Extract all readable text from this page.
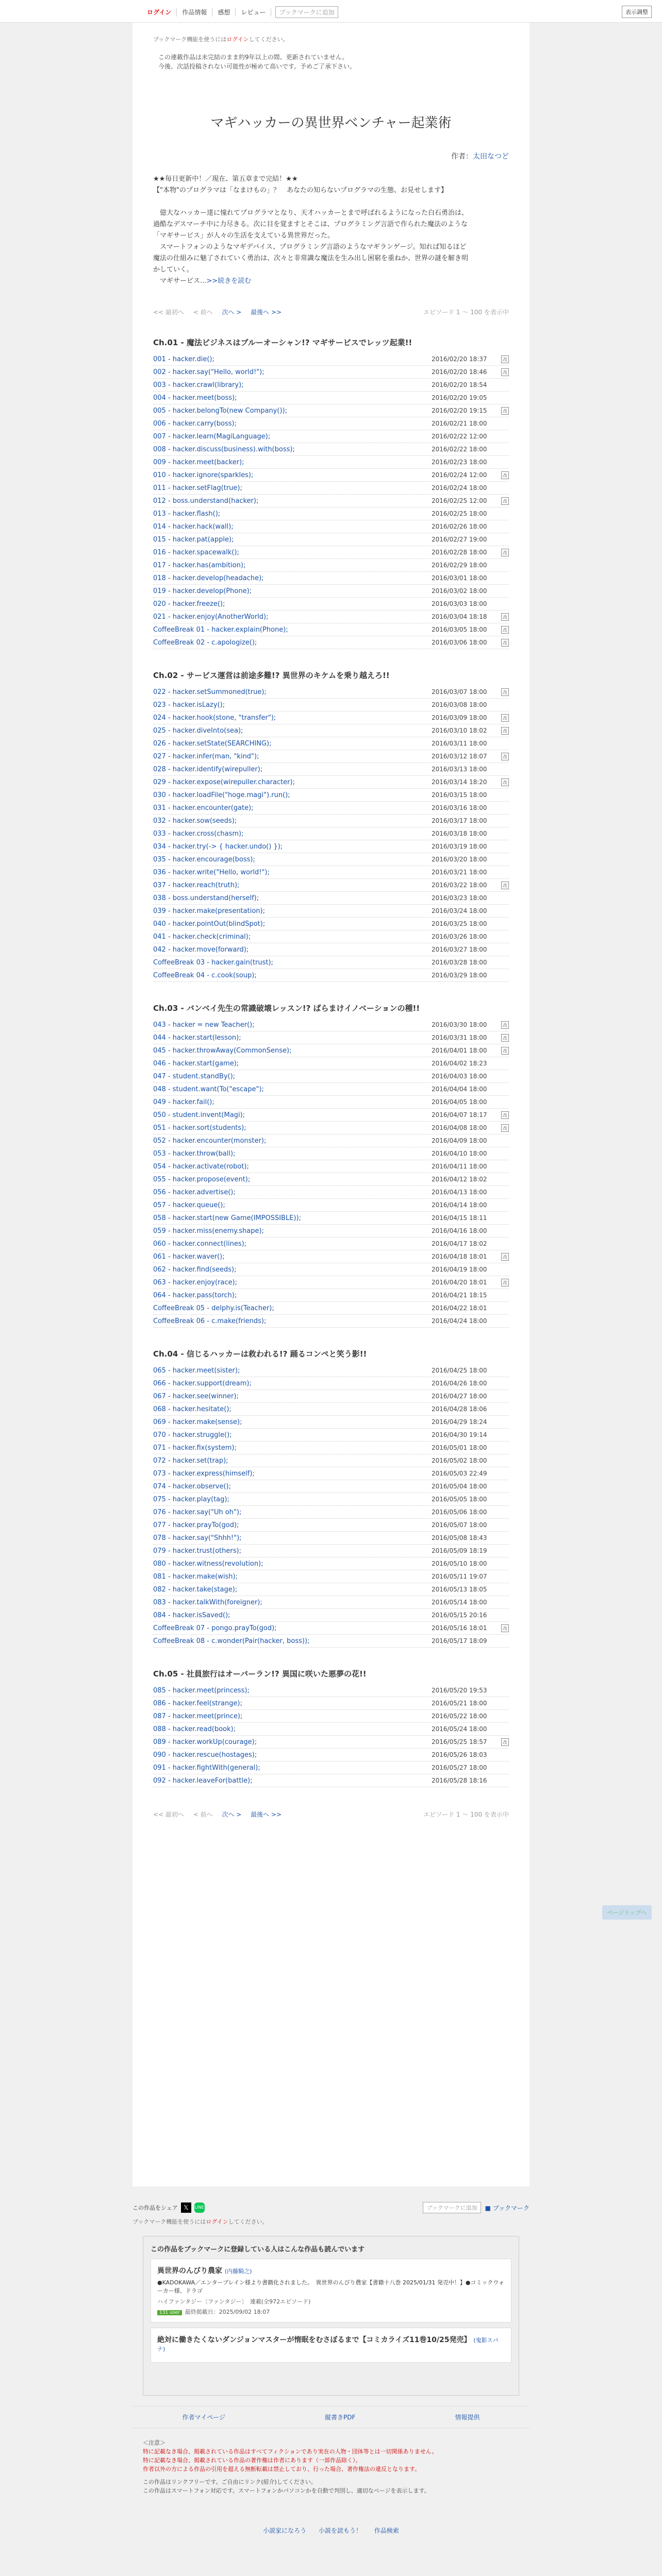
ログイン	作品情報	感想	レビュー	ブックマークに追加	表示調整
ブックマーク機能を使うにはログインしてください。
この連載作品は未完結のまま約9年以上の間、更新されていません。
今後、次話投稿されない可能性が極めて高いです。予めご了承下さい。
マギハッカーの異世界ベンチャー起業術
作者：太田なつど

★★毎日更新中！／現在、第五章まで完結！★★
【"本物"のプログラマは「なまけもの」？　あなたの知らないプログラマの生態、お見せします】

　億大なハッカー達に憧れてプログラマとなり、天才ハッカーとまで呼ばれるようになった白石勇治は、
過酷なデスマーチ中に力尽きる。次に目を覚ますとそこは、プログラミング言語で作られた魔法のような
「マギサービス」が人々の生活を支えている異世界だった。
　スマートフォンのようなマギデバイス、プログラミング言語のようなマギランゲージ。知れば知るほど
魔法の仕組みに魅了されていく勇治は、次々と非常識な魔法を生み出し困窮を重ねか、世界の謎を解き明
かしていく。
　マギサービス...>>続きを読む

<< 最初へ < 前へ 次へ > 最後へ >>	エピソード 1 〜 100 を表示中
Ch.01 - 魔法ビジネスはブルーオーシャン!? マギサービスでレッツ起業!!
001 - hacker.die();	2016/02/20 18:37	改
002 - hacker.say("Hello, world!");	2016/02/20 18:46	改
003 - hacker.crawl(library);	2016/02/20 18:54
004 - hacker.meet(boss);	2016/02/20 19:05
005 - hacker.belongTo(new Company());	2016/02/20 19:15	改
006 - hacker.carry(boss);	2016/02/21 18:00
007 - hacker.learn(MagiLanguage);	2016/02/22 12:00
008 - hacker.discuss(business).with(boss);	2016/02/22 18:00
009 - hacker.meet(backer);	2016/02/23 18:00
010 - hacker.ignore(sparkles);	2016/02/24 12:00	改
011 - hacker.setFlag(true);	2016/02/24 18:00
012 - boss.understand(hacker);	2016/02/25 12:00	改
013 - hacker.flash();	2016/02/25 18:00
014 - hacker.hack(wall);	2016/02/26 18:00
015 - hacker.pat(apple);	2016/02/27 19:00
016 - hacker.spacewalk();	2016/02/28 18:00	改
017 - hacker.has(ambition);	2016/02/29 18:00
018 - hacker.develop(headache);	2016/03/01 18:00
019 - hacker.develop(Phone);	2016/03/02 18:00
020 - hacker.freeze();	2016/03/03 18:00
021 - hacker.enjoy(AnotherWorld);	2016/03/04 18:18	改
CoffeeBreak 01 - hacker.explain(Phone);	2016/03/05 18:00	改
CoffeeBreak 02 - c.apologize();	2016/03/06 18:00	改
Ch.02 - サービス運営は前途多難!? 異世界のキケムを乗り越えろ!!
022 - hacker.setSummoned(true);	2016/03/07 18:00	改
023 - hacker.isLazy();	2016/03/08 18:00
024 - hacker.hook(stone, "transfer");	2016/03/09 18:00	改
025 - hacker.diveInto(sea);	2016/03/10 18:02	改
026 - hacker.setState(SEARCHING);	2016/03/11 18:00
027 - hacker.infer(man, "kind");	2016/03/12 18:07	改
028 - hacker.identify(wirepuller);	2016/03/13 18:00
029 - hacker.expose(wirepuller.character);	2016/03/14 18:20	改
030 - hacker.loadFile("hoge.magi").run();	2016/03/15 18:00
031 - hacker.encounter(gate);	2016/03/16 18:00
032 - hacker.sow(seeds);	2016/03/17 18:00
033 - hacker.cross(chasm);	2016/03/18 18:00
034 - hacker.try(-> { hacker.undo() });	2016/03/19 18:00
035 - hacker.encourage(boss);	2016/03/20 18:00
036 - hacker.write("Hello, world!");	2016/03/21 18:00
037 - hacker.reach(truth);	2016/03/22 18:00	改
038 - boss.understand(herself);	2016/03/23 18:00
039 - hacker.make(presentation);	2016/03/24 18:00
040 - hacker.pointOut(blindSpot);	2016/03/25 18:00
041 - hacker.check(criminal);	2016/03/26 18:00
042 - hacker.move(forward);	2016/03/27 18:00
CoffeeBreak 03 - hacker.gain(trust);	2016/03/28 18:00
CoffeeBreak 04 - c.cook(soup);	2016/03/29 18:00
Ch.03 - バンベイ先生の常識破壊レッスン!? ばらまけイノベーションの種!!
043 - hacker = new Teacher();	2016/03/30 18:00	改
044 - hacker.start(lesson);	2016/03/31 18:00	改
045 - hacker.throwAway(CommonSense);	2016/04/01 18:00	改
046 - hacker.start(game);	2016/04/02 18:23
047 - student.standBy();	2016/04/03 18:00
048 - student.want(To("escape");	2016/04/04 18:00
049 - hacker.fail();	2016/04/05 18:00
050 - student.invent(Magi);	2016/04/07 18:17	改
051 - hacker.sort(students);	2016/04/08 18:00	改
052 - hacker.encounter(monster);	2016/04/09 18:00
053 - hacker.throw(ball);	2016/04/10 18:00
054 - hacker.activate(robot);	2016/04/11 18:00
055 - hacker.propose(event);	2016/04/12 18:02
056 - hacker.advertise();	2016/04/13 18:00
057 - hacker.queue();	2016/04/14 18:00
058 - hacker.start(new Game(IMPOSSIBLE));	2016/04/15 18:11
059 - hacker.miss(enemy.shape);	2016/04/16 18:00
060 - hacker.connect(lines);	2016/04/17 18:02
061 - hacker.waver();	2016/04/18 18:01	改
062 - hacker.find(seeds);	2016/04/19 18:00
063 - hacker.enjoy(race);	2016/04/20 18:01	改
064 - hacker.pass(torch);	2016/04/21 18:15
CoffeeBreak 05 - delphy.is(Teacher);	2016/04/22 18:01
CoffeeBreak 06 - c.make(friends);	2016/04/24 18:00
Ch.04 - 信じるハッカーは救われる!? 踊るコンペと笑う影!!
065 - hacker.meet(sister);	2016/04/25 18:00
066 - hacker.support(dream);	2016/04/26 18:00
067 - hacker.see(winner);	2016/04/27 18:00
068 - hacker.hesitate();	2016/04/28 18:06
069 - hacker.make(sense);	2016/04/29 18:24
070 - hacker.struggle();	2016/04/30 19:14
071 - hacker.fix(system);	2016/05/01 18:00
072 - hacker.set(trap);	2016/05/02 18:00
073 - hacker.express(himself);	2016/05/03 22:49
074 - hacker.observe();	2016/05/04 18:00
075 - hacker.play(tag);	2016/05/05 18:00
076 - hacker.say("Uh oh");	2016/05/06 18:00
077 - hacker.prayTo(god);	2016/05/07 18:00
078 - hacker.say("Shhh!");	2016/05/08 18:43
079 - hacker.trust(others);	2016/05/09 18:19
080 - hacker.witness(revolution);	2016/05/10 18:00
081 - hacker.make(wish);	2016/05/11 19:07
082 - hacker.take(stage);	2016/05/13 18:05
083 - hacker.talkWith(foreigner);	2016/05/14 18:00
084 - hacker.isSaved();	2016/05/15 20:16
CoffeeBreak 07 - pongo.prayTo(god);	2016/05/16 18:01	改
CoffeeBreak 08 - c.wonder(Pair(hacker, boss));	2016/05/17 18:09
Ch.05 - 社員旅行はオーバーラン!? 異国に咲いた悪夢の花!!
085 - hacker.meet(princess);	2016/05/20 19:53
086 - hacker.feel(strange);	2016/05/21 18:00
087 - hacker.meet(prince);	2016/05/22 18:00
088 - hacker.read(book);	2016/05/24 18:00
089 - hacker.workUp(courage);	2016/05/25 18:57	改
090 - hacker.rescue(hostages);	2016/05/26 18:03
091 - hacker.fightWith(general);	2016/05/27 18:00
092 - hacker.leaveFor(battle);	2016/05/28 18:16
<< 最初へ < 前へ 次へ > 最後へ >>	エピソード 1 〜 100 を表示中
ページトップへ
この作品をシェア 𝕏	LINE	ブックマークに追加	■ ブックマーク
ブックマーク機能を使うにはログインしてください。
この作品をブックマークに登録している人はこんな作品も読んでいます
異世界のんびり農家 (内藤騎之)
●KADOKAWA／エンターブレイン様より書籍化されました。　異世界のんびり農家【書籍十八巻 2025/01/31 発売中！】●コミックウォーカー様、ドラゴ
ハイファンタジー〔ファンタジー〕　連載(全972エピソード)
131 user 最終掲載日：2025/09/02 18:07
絶対に働きたくないダンジョンマスターが惰眠をむさぼるまで【コミカライズ11巻10/25発売】 (鬼影スパナ)
作者マイページ	縦書きPDF	情報提供
＜注意＞
特に記載なき場合、掲載されている作品はすべてフィクションであり実在の人物・団体等とは一切関係ありません。
特に記載なき場合、掲載されている作品の著作権は作者にあります（一部作品除く）。
作者以外の方による作品の引用を超える無断転載は禁止しており、行った場合、著作権法の違反となります。
この作品はリンクフリーです。ご自由にリンク(紹介)してください。
この作品はスマートフォン対応です。スマートフォンかパソコンかを自動で判別し、適切なページを表示します。
小説家になろう 小説を読もう！ 作品検索
